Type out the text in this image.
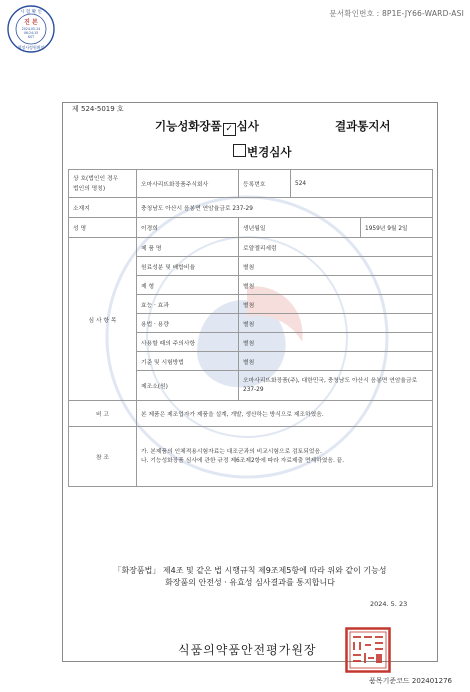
시 험 확 인
진 본
2024-05-24
06:24:15
KST
행정사정원확인
문서확인번호 : 8P1E-JY66-WARD-ASI
제 524-5019 호
기능성화장품 ✓ 심사	결과통지서
변경심사
상 호(법인인 경우
법인의 명칭)	오마사리뜨화장품주식회사	등록번호	524	
소재지	충청남도 아산시 음봉면 연암율금로 237-29			
성 명	이경희	생년월일		1959년 9월 2일
심 사 항 목	제 품 명	로얄젤리세럼		
	원료성분 및 배합비율	별첨		
	제 형	별첨		
	효능 · 효과	별첨		
	용법 · 용량	별첨		
	사용할 때의 주의사항	별첨		
	기준 및 시험방법	별첨		
	제조소(원)	오마사리뜨화장품(주), 대한민국, 충청남도 아산시 음봉면 연암율금로 237-29		
비 고	본 제품은 제조업자가 제품을 설계, 개발, 생산하는 방식으로 제조하였음.			
참 조	가. 본제품의 인체적용시험자료는 대조군과의 비교시험으로 검토되었음.
나. 기능성화장품 심사에 관한 규정 제6조제2항에 따라 자료제출 면제하였음. 끝.			
「화장품법」 제4조 및 같은 법 시행규칙 제9조제5항에 따라 위와 같이 기능성
화장품의 안전성 · 유효성 심사결과를 통지합니다
2024. 5. 23
식품의약품안전평가원장
품목기준코드 202401276
